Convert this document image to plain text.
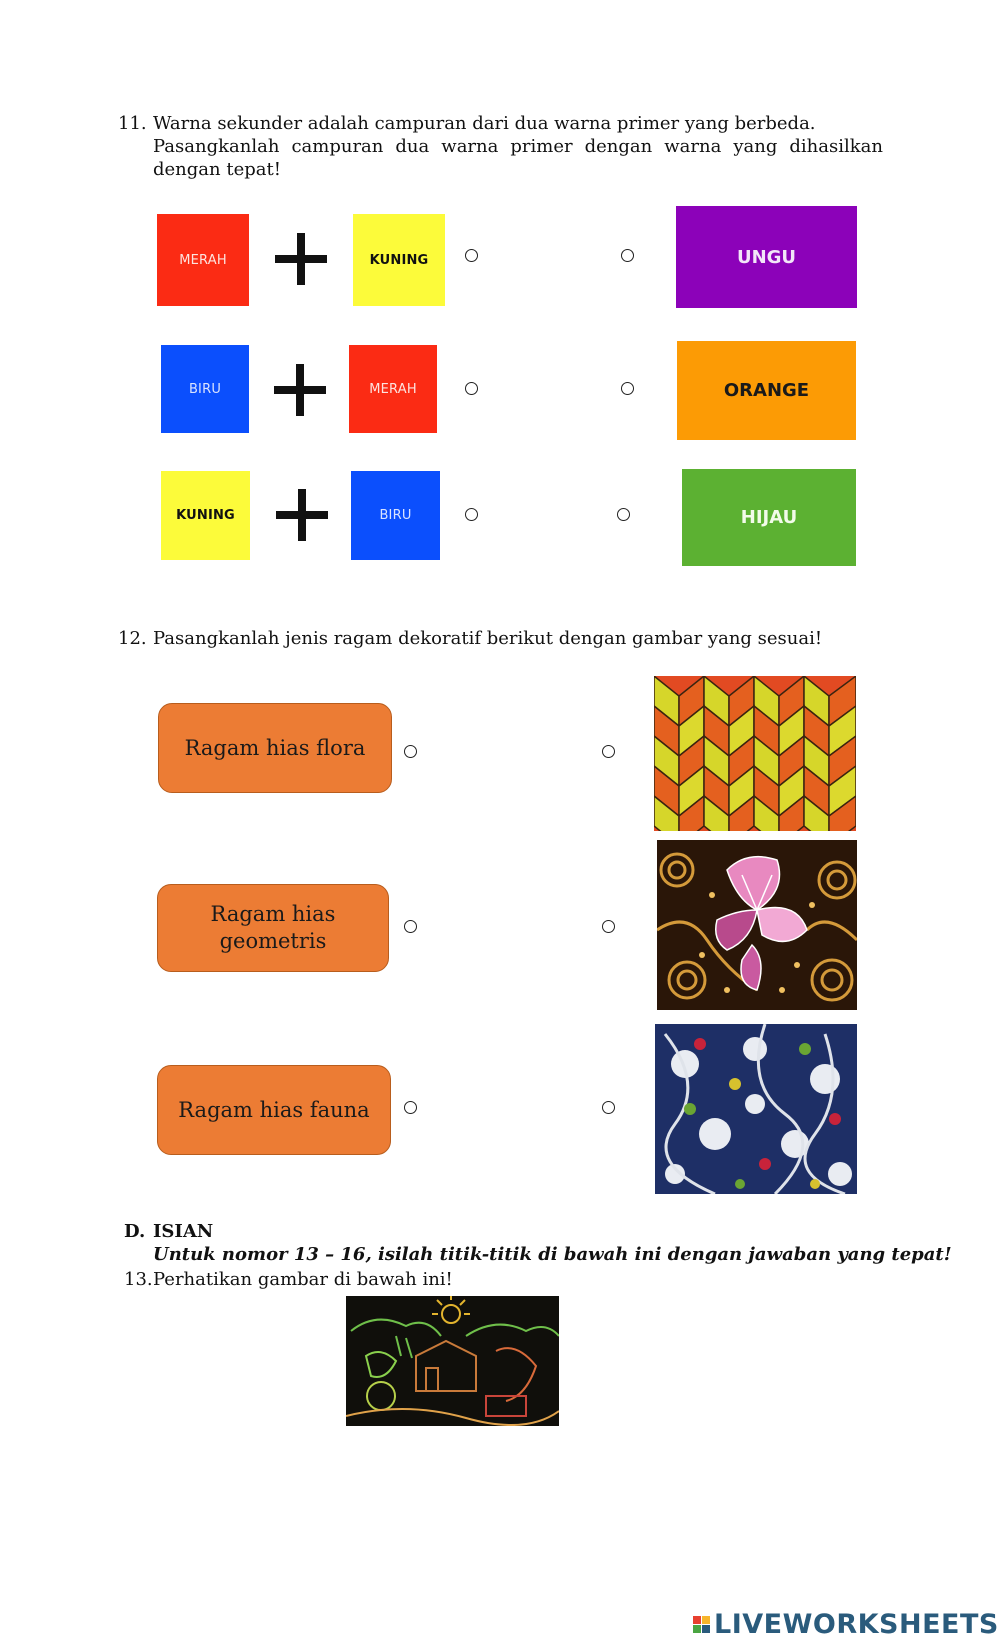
11. Warna sekunder adalah campuran dari dua warna primer yang berbeda.
Pasangkanlah campuran dua warna primer dengan warna yang dihasilkan dengan tepat!
MERAH	KUNING	UNGU
BIRU	MERAH	ORANGE
KUNING	BIRU	HIJAU
12. Pasangkanlah jenis ragam dekoratif berikut dengan gambar yang sesuai!
Ragam hias flora
Ragam hias geometris
Ragam hias fauna
D. ISIAN
Untuk nomor 13 – 16, isilah titik-titik di bawah ini dengan jawaban yang tepat!
13. Perhatikan gambar di bawah ini!
LIVEWORKSHEETS
